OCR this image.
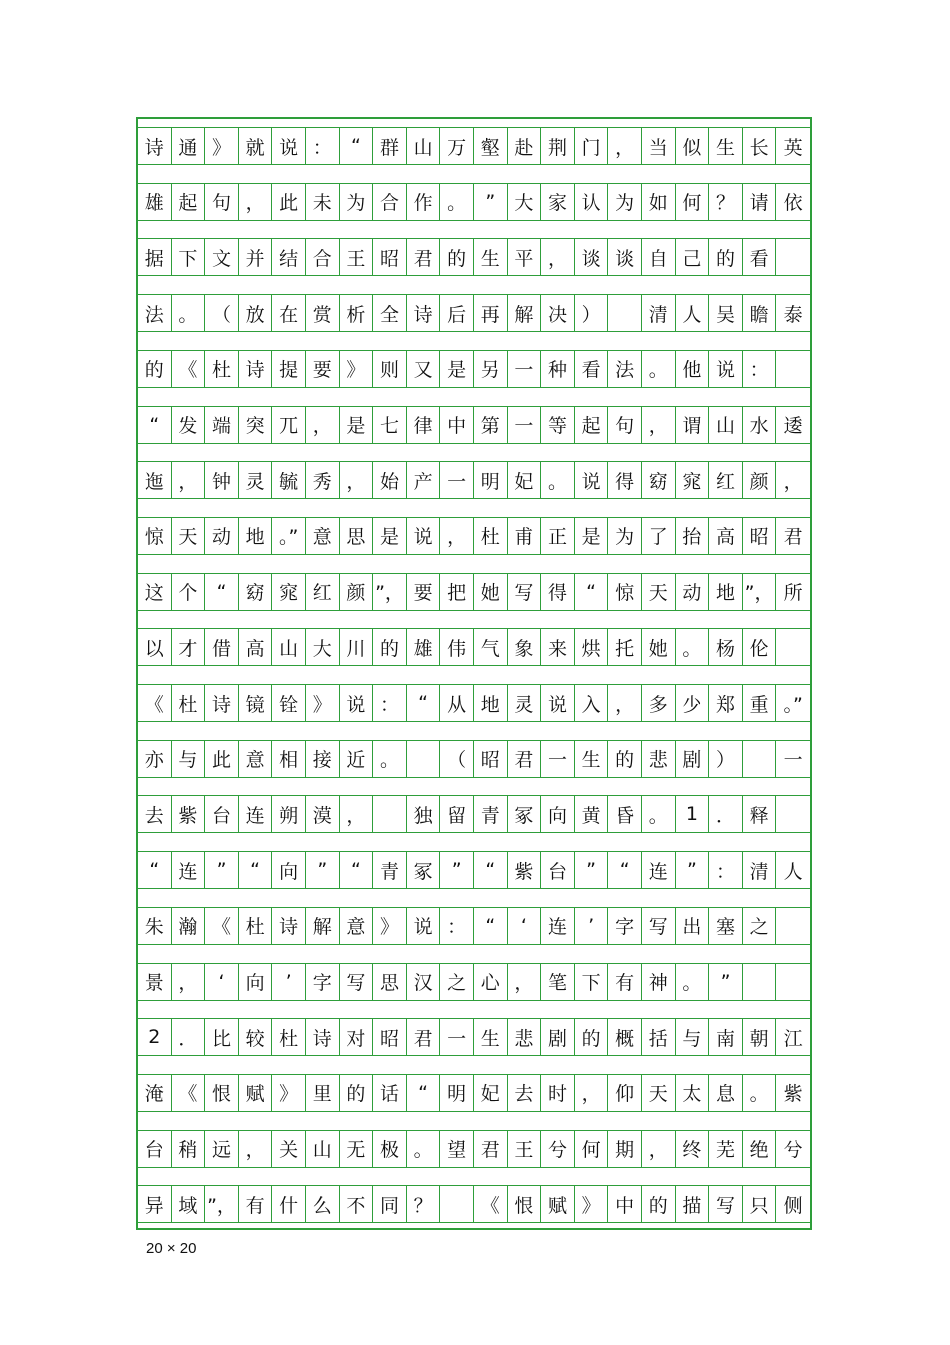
诗 通 》 就 说 ：	“	群 山 万 壑 赴 荆 门 ， 当 似 生 长 英
雄 起 句 ， 此 未 为 合 作 。	”	大 家 认 为 如 何 ？ 请 依
据 下 文 并 结 合 王 昭 君 的 生 平 ， 谈 谈 自 己 的 看
法 。 （ 放 在 赏 析 全 诗 后 再 解 决 ）	清 人 吴 瞻 泰
的 《 杜 诗 提 要 》 则 又 是 另 一 种 看 法 。 他 说 ：
“	发 端 突 兀 ， 是 七 律 中 第 一 等 起 句 ， 谓 山 水 逶
迤 ， 钟 灵 毓 秀 ， 始 产 一 明 妃 。 说 得 窈 窕 红 颜 ，
惊 天 动 地 。” 意 思 是 说 ， 杜 甫 正 是 为 了 抬 高 昭 君
这 个	“	窈 窕 红 颜 ”， 要 把 她 写 得	“	惊 天 动 地 ”， 所
以 才 借 高 山 大 川 的 雄 伟 气 象 来 烘 托 她 。 杨 伦
《 杜 诗 镜 铨 》 说 ：	“	从 地 灵 说 入 ， 多 少 郑 重 。”
亦 与 此 意 相 接 近 。	（ 昭 君 一 生 的 悲 剧 ）	一
去 紫 台 连 朔 漠 ，	独 留 青 冢 向 黄 昏 。 1 ． 释
“	连	”	“	向	”	“	青 冢	”	“	紫 台	”	“	连	”	： 清 人
朱 瀚 《 杜 诗 解 意 》 说 ：	“	‘	连	’	字 写 出 塞 之
景 ，	‘	向	’	字 写 思 汉 之 心 ， 笔 下 有 神 。	”
2 ． 比 较 杜 诗 对 昭 君 一 生 悲 剧 的 概 括 与 南 朝 江
淹 《 恨 赋 》 里 的 话	“	明 妃 去 时 ， 仰 天 太 息 。 紫
台 稍 远 ， 关 山 无 极 。 望 君 王 兮 何 期 ， 终 芜 绝 兮
异 域 ”， 有 什 么 不 同 ？	《 恨 赋 》 中 的 描 写 只 侧
20 × 20
